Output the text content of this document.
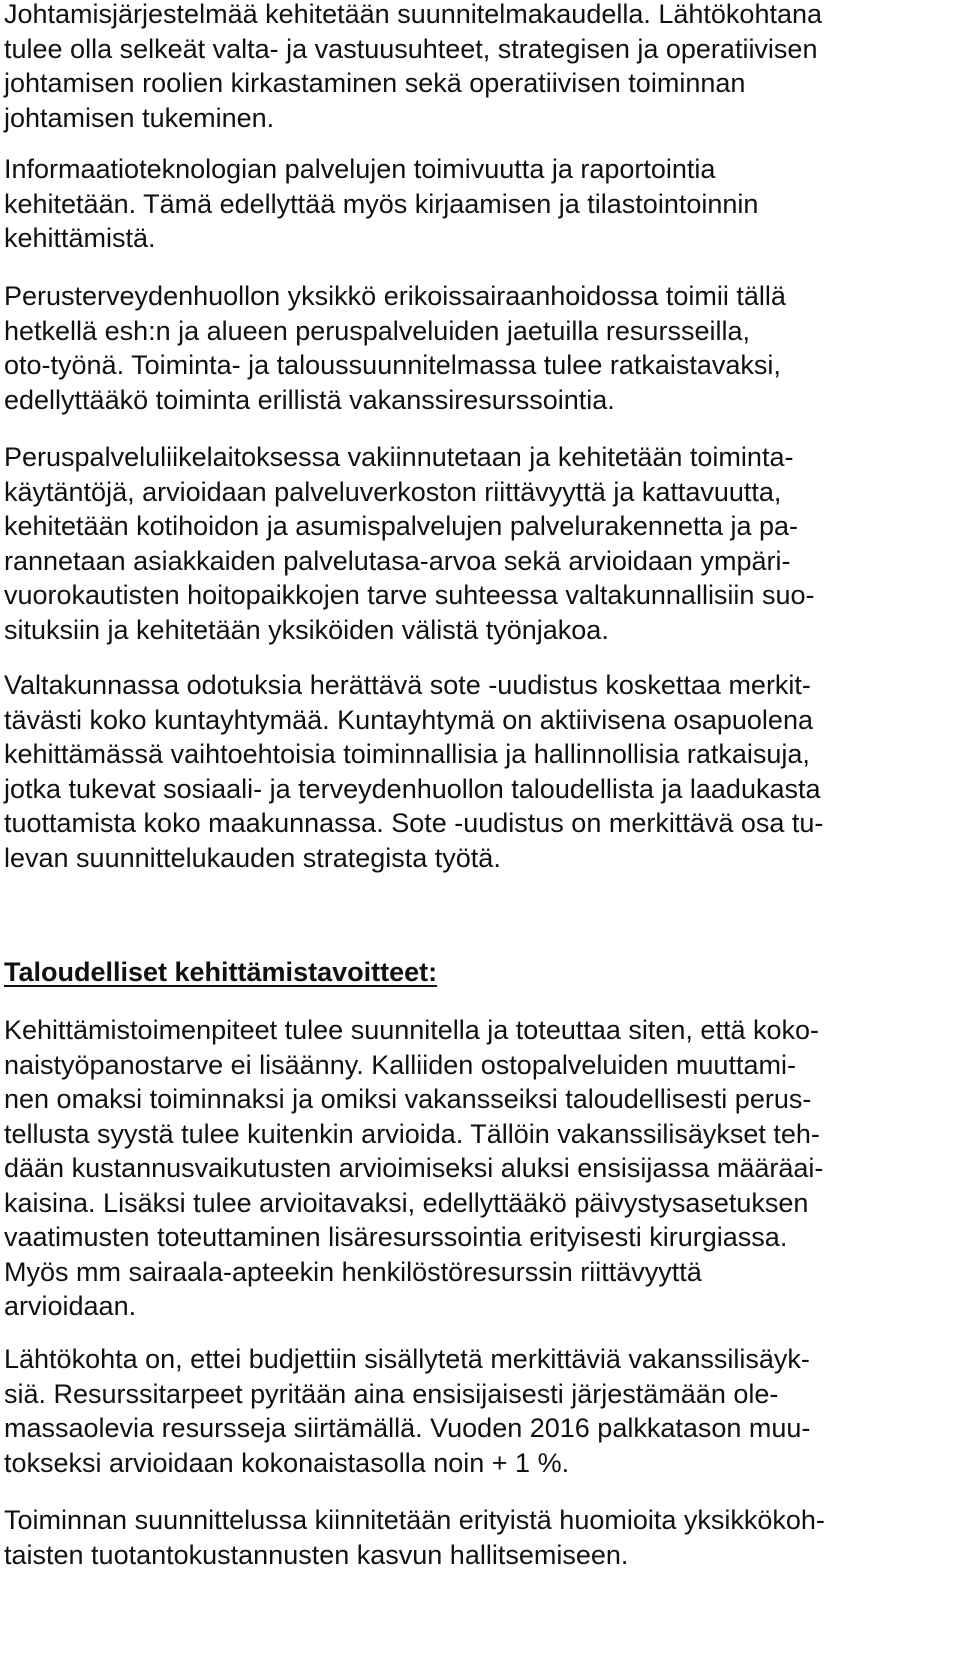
Johtamisjärjestelmää kehitetään suunnitelmakaudella. Lähtökohtana
tulee olla selkeät valta- ja vastuusuhteet, strategisen ja operatiivisen
johtamisen roolien kirkastaminen sekä operatiivisen toiminnan
johtamisen tukeminen.
Informaatioteknologian palvelujen toimivuutta ja raportointia
kehitetään. Tämä edellyttää myös kirjaamisen ja tilastointoinnin
kehittämistä.
Perusterveydenhuollon yksikkö erikoissairaanhoidossa toimii tällä
hetkellä esh:n ja alueen peruspalveluiden jaetuilla resursseilla,
oto-työnä. Toiminta- ja taloussuunnitelmassa tulee ratkaistavaksi,
edellyttääkö toiminta erillistä vakanssiresurssointia.
Peruspalveluliikelaitoksessa vakiinnutetaan ja kehitetään toiminta-
käytäntöjä, arvioidaan palveluverkoston riittävyyttä ja kattavuutta,
kehitetään kotihoidon ja asumispalvelujen palvelurakennetta ja pa-
rannetaan asiakkaiden palvelutasa-arvoa sekä arvioidaan ympäri-
vuorokautisten hoitopaikkojen tarve suhteessa valtakunnallisiin suo-
situksiin ja kehitetään yksiköiden välistä työnjakoa.
Valtakunnassa odotuksia herättävä sote -uudistus koskettaa merkit-
tävästi koko kuntayhtymää. Kuntayhtymä on aktiivisena osapuolena
kehittämässä vaihtoehtoisia toiminnallisia ja hallinnollisia ratkaisuja,
jotka tukevat sosiaali- ja terveydenhuollon taloudellista ja laadukasta
tuottamista koko maakunnassa. Sote -uudistus on merkittävä osa tu-
levan suunnittelukauden strategista työtä.
Taloudelliset kehittämistavoitteet:
Kehittämistoimenpiteet tulee suunnitella ja toteuttaa siten, että koko-
naistyöpanostarve ei lisäänny. Kalliiden ostopalveluiden muuttami-
nen omaksi toiminnaksi ja omiksi vakansseiksi taloudellisesti perus-
tellusta syystä tulee kuitenkin arvioida. Tällöin vakanssilisäykset teh-
dään kustannusvaikutusten arvioimiseksi aluksi ensisijassa määräai-
kaisina. Lisäksi tulee arvioitavaksi, edellyttääkö päivystysasetuksen
vaatimusten toteuttaminen lisäresurssointia erityisesti kirurgiassa.
Myös mm sairaala-apteekin henkilöstöresurssin riittävyyttä
arvioidaan.
Lähtökohta on, ettei budjettiin sisällytetä merkittäviä vakanssilisäyk-
siä. Resurssitarpeet pyritään aina ensisijaisesti järjestämään ole-
massaolevia resursseja siirtämällä. Vuoden 2016 palkkatason muu-
tokseksi arvioidaan kokonaistasolla noin + 1 %.
Toiminnan suunnittelussa kiinnitetään erityistä huomioita yksikkökoh-
taisten tuotantokustannusten kasvun hallitsemiseen.
